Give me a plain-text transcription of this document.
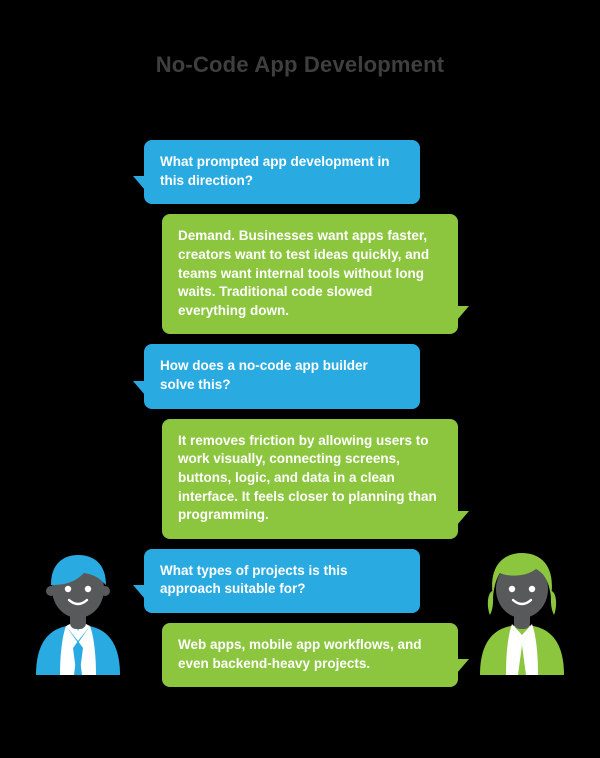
No-Code App Development
What prompted app development in this direction?
Demand. Businesses want apps faster, creators want to test ideas quickly, and teams want internal tools without long waits. Traditional code slowed everything down.
How does a no-code app builder solve this?
It removes friction by allowing users to work visually, connecting screens, buttons, logic, and data in a clean interface. It feels closer to planning than programming.
What types of projects is this approach suitable for?
Web apps, mobile app workflows, and even backend-heavy projects.
